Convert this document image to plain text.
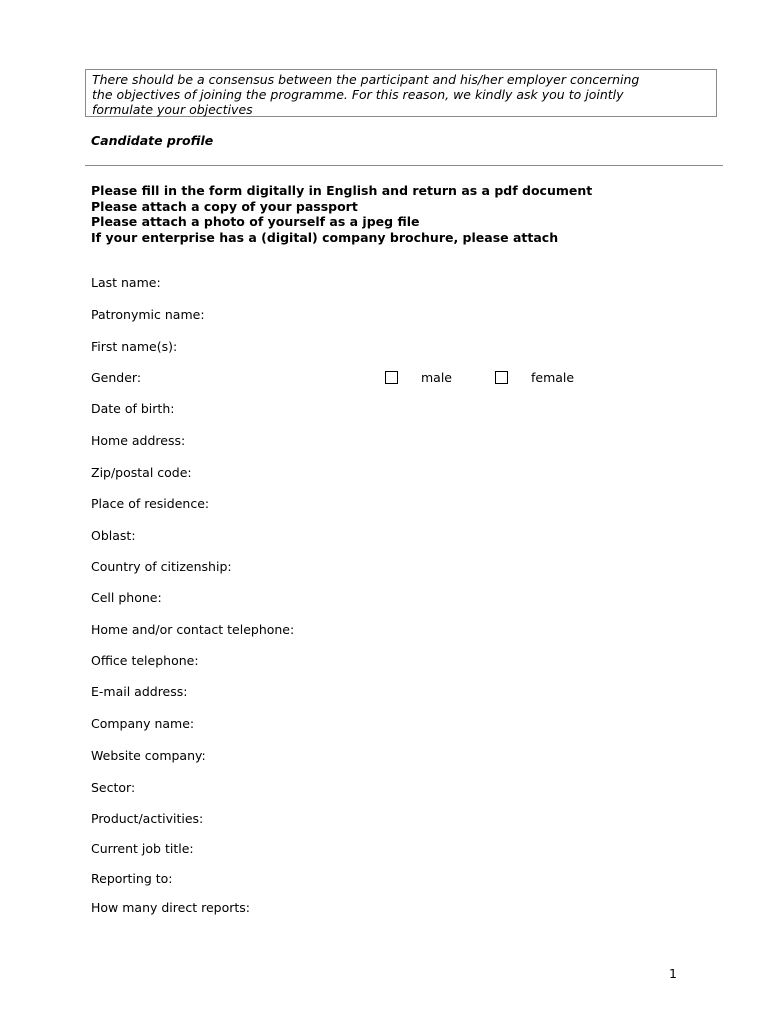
There should be a consensus between the participant and his/her employer concerning
the objectives of joining the programme. For this reason, we kindly ask you to jointly
formulate your objectives
Candidate profile
Please fill in the form digitally in English and return as a pdf document
Please attach a copy of your passport
Please attach a photo of yourself as a jpeg file
If your enterprise has a (digital) company brochure, please attach
Last name:
Patronymic name:
First name(s):
Gender:	male	female
Date of birth:
Home address:
Zip/postal code:
Place of residence:
Oblast:
Country of citizenship:
Cell phone:
Home and/or contact telephone:
Office telephone:
E-mail address:
Company name:
Website company:
Sector:
Product/activities:
Current job title:
Reporting to:
How many direct reports:
1
